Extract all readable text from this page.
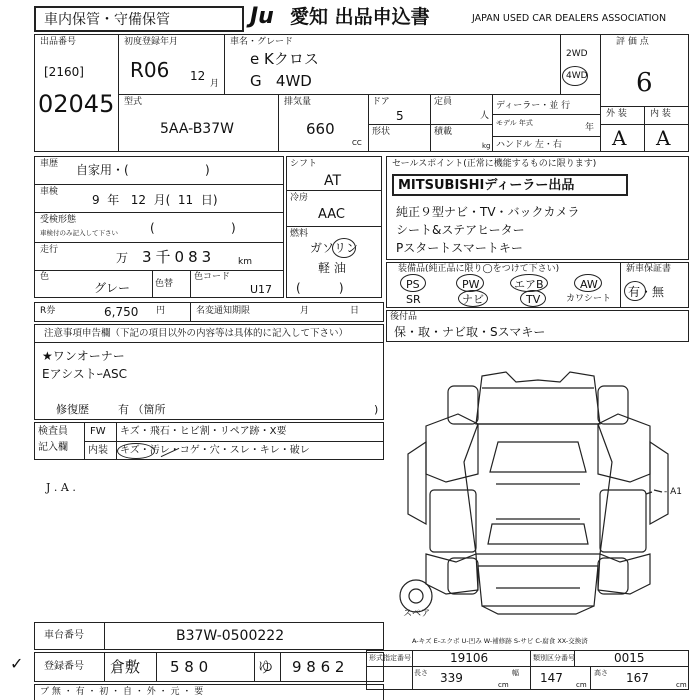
車内保管・守備保管	Ju 愛知 出品申込書	JAPAN USED CAR DEALERS ASSOCIATION
出品番号
[2160]
02045
初度登録年月
R06 12
月
車名・グレード
e Kクロス
G   4WD
2WD
4WD
評 価 点
6
外 装	内 装
A A
型式
5AA-B37W
排気量
660
CC
ドア
5
定員
人
形状	積載
kg
ディーラー・並 行
モデル 年式	年
ハンドル 左・右
車歴 自家用・(                    )
車検
9  年   12  月(  11  日)
受検形態
車検付のみ記入して下さい	(                    )
走行
万 3千083	km
色
グレー	色替
色コード
U17
シフト
AT
冷房
AAC
燃料
ガソリン
軽 油
(          )
セールスポイント(正常に機能するものに限ります)
MITSUBISHIディーラー出品
純正９型ナビ・TV・バックカメラ
シート&ステアヒーター
Pスタートスマートキー
装備品(純正品に限り◯をつけて下さい)
PS	PW	エアB	AW
SR	ナビ	TV	カワシート
新車保証書
有・無
R券	6,750 円	名変通知期限	月	日
注意事項申告欄（下記の項目以外の内容等は具体的に記入して下さい）
★ワンオーナー
EアシストｰASC
修復歴	有 （箇所	)
後付品
保・取・ナビ取・Sスマキー
検査員
記入欄
FW キズ・飛石・ヒビ割・リペア跡・X要
内装 キズ・汚レ・コゲ・穴・スレ・キレ・破レ
J . A .
スペア
- A1
A-キズ E-エクボ U-凹み W-補修跡 S-サビ C-腐食 XX-交換済
車台番号	B37W-0500222
登録番号 倉敷 5 8 0	ゆ 9 8 6 2
✓
ブ 無 ・ 有 ・ 初 ・ 自 ・ 外 ・ 元 ・ 要
形式指定番号	19106	類別区分番号	0015
長さ 339	幅 147	高さ 167
cm	cm	cm
